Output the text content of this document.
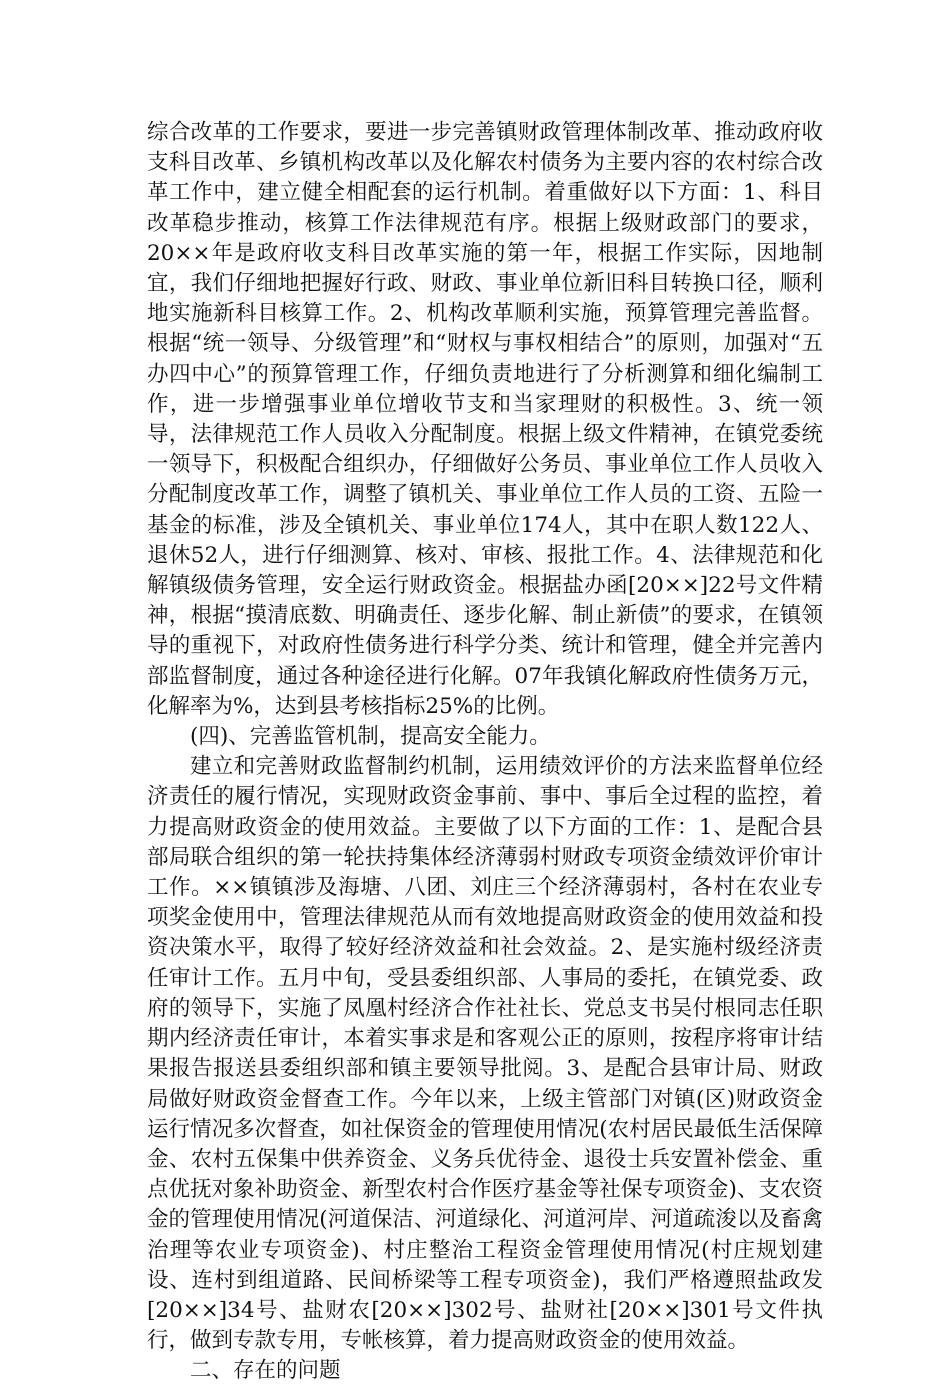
综合改革的工作要求，要进一步完善镇财政管理体制改革、推动政府收支科目改革、乡镇机构改革以及化解农村债务为主要内容的农村综合改革工作中，建立健全相配套的运行机制。着重做好以下方面：1、科目改革稳步推动，核算工作法律规范有序。根据上级财政部门的要求，20××年是政府收支科目改革实施的第一年，根据工作实际，因地制宜，我们仔细地把握好行政、财政、事业单位新旧科目转换口径，顺利地实施新科目核算工作。2、机构改革顺利实施，预算管理完善监督。根据“统一领导、分级管理”和“财权与事权相结合”的原则，加强对“五办四中心”的预算管理工作，仔细负责地进行了分析测算和细化编制工作，进一步增强事业单位增收节支和当家理财的积极性。3、统一领导，法律规范工作人员收入分配制度。根据上级文件精神，在镇党委统一领导下，积极配合组织办，仔细做好公务员、事业单位工作人员收入分配制度改革工作，调整了镇机关、事业单位工作人员的工资、五险一基金的标准，涉及全镇机关、事业单位174人，其中在职人数122人、退休52人，进行仔细测算、核对、审核、报批工作。4、法律规范和化解镇级债务管理，安全运行财政资金。根据盐办函[20××]22号文件精神，根据“摸清底数、明确责任、逐步化解、制止新债”的要求，在镇领导的重视下，对政府性债务进行科学分类、统计和管理，健全并完善内部监督制度，通过各种途径进行化解。07年我镇化解政府性债务万元，化解率为%，达到县考核指标25%的比例。

(四)、完善监管机制，提高安全能力。

建立和完善财政监督制约机制，运用绩效评价的方法来监督单位经济责任的履行情况，实现财政资金事前、事中、事后全过程的监控，着力提高财政资金的使用效益。主要做了以下方面的工作：1、是配合县部局联合组织的第一轮扶持集体经济薄弱村财政专项资金绩效评价审计工作。××镇镇涉及海塘、八团、刘庄三个经济薄弱村，各村在农业专项奖金使用中，管理法律规范从而有效地提高财政资金的使用效益和投资决策水平，取得了较好经济效益和社会效益。2、是实施村级经济责任审计工作。五月中旬，受县委组织部、人事局的委托，在镇党委、政府的领导下，实施了凤凰村经济合作社社长、党总支书吴付根同志任职期内经济责任审计，本着实事求是和客观公正的原则，按程序将审计结果报告报送县委组织部和镇主要领导批阅。3、是配合县审计局、财政局做好财政资金督查工作。今年以来，上级主管部门对镇(区)财政资金运行情况多次督查，如社保资金的管理使用情况(农村居民最低生活保障金、农村五保集中供养资金、义务兵优待金、退役士兵安置补偿金、重点优抚对象补助资金、新型农村合作医疗基金等社保专项资金)、支农资金的管理使用情况(河道保洁、河道绿化、河道河岸、河道疏浚以及畜禽治理等农业专项资金)、村庄整治工程资金管理使用情况(村庄规划建设、连村到组道路、民间桥梁等工程专项资金)，我们严格遵照盐政发[20××]34号、盐财农[20××]302号、盐财社[20××]301号文件执行，做到专款专用，专帐核算，着力提高财政资金的使用效益。

二、存在的问题
